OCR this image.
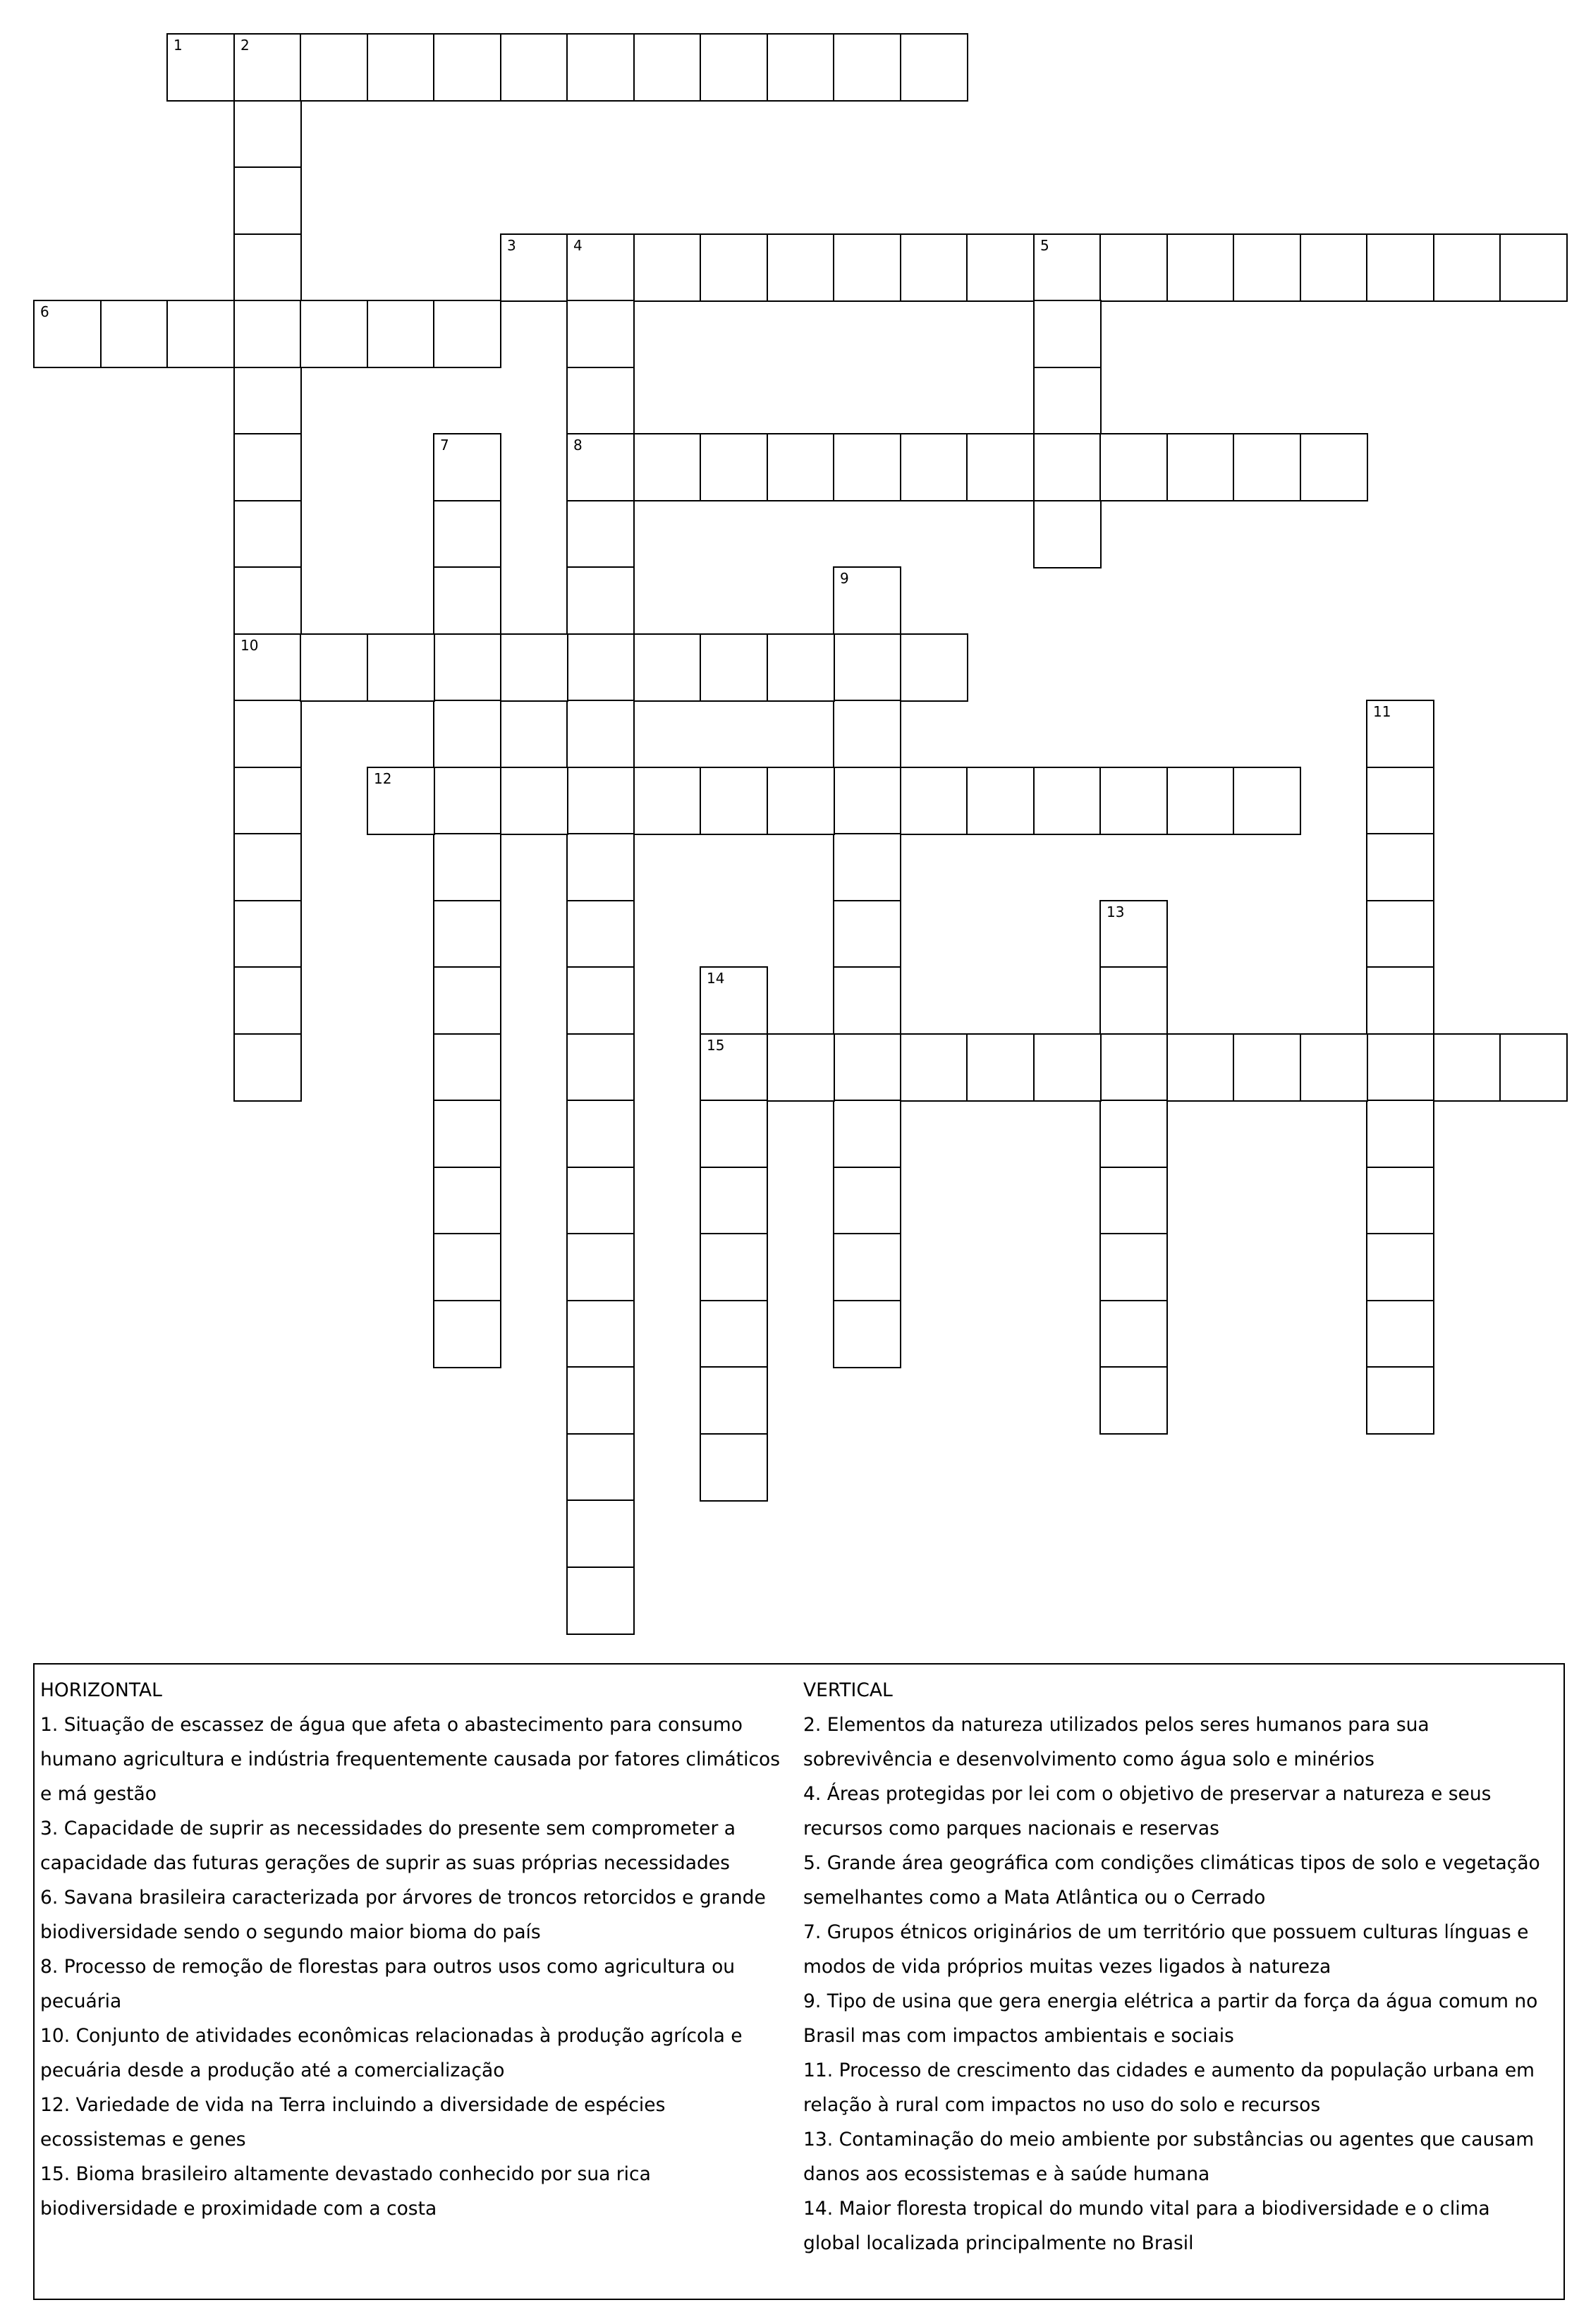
1	2
10
3	4	5
8
6
7
9
11
12
13
14
15
HORIZONTAL
1. Situação de escassez de água que afeta o abastecimento para consumo
humano agricultura e indústria frequentemente causada por fatores climáticos
e má gestão
3. Capacidade de suprir as necessidades do presente sem comprometer a
capacidade das futuras gerações de suprir as suas próprias necessidades
6. Savana brasileira caracterizada por árvores de troncos retorcidos e grande
biodiversidade sendo o segundo maior bioma do país
8. Processo de remoção de florestas para outros usos como agricultura ou
pecuária
10. Conjunto de atividades econômicas relacionadas à produção agrícola e
pecuária desde a produção até a comercialização
12. Variedade de vida na Terra incluindo a diversidade de espécies
ecossistemas e genes
15. Bioma brasileiro altamente devastado conhecido por sua rica
biodiversidade e proximidade com a costa
VERTICAL
2. Elementos da natureza utilizados pelos seres humanos para sua
sobrevivência e desenvolvimento como água solo e minérios
4. Áreas protegidas por lei com o objetivo de preservar a natureza e seus
recursos como parques nacionais e reservas
5. Grande área geográfica com condições climáticas tipos de solo e vegetação
semelhantes como a Mata Atlântica ou o Cerrado
7. Grupos étnicos originários de um território que possuem culturas línguas e
modos de vida próprios muitas vezes ligados à natureza
9. Tipo de usina que gera energia elétrica a partir da força da água comum no
Brasil mas com impactos ambientais e sociais
11. Processo de crescimento das cidades e aumento da população urbana em
relação à rural com impactos no uso do solo e recursos
13. Contaminação do meio ambiente por substâncias ou agentes que causam
danos aos ecossistemas e à saúde humana
14. Maior floresta tropical do mundo vital para a biodiversidade e o clima
global localizada principalmente no Brasil
